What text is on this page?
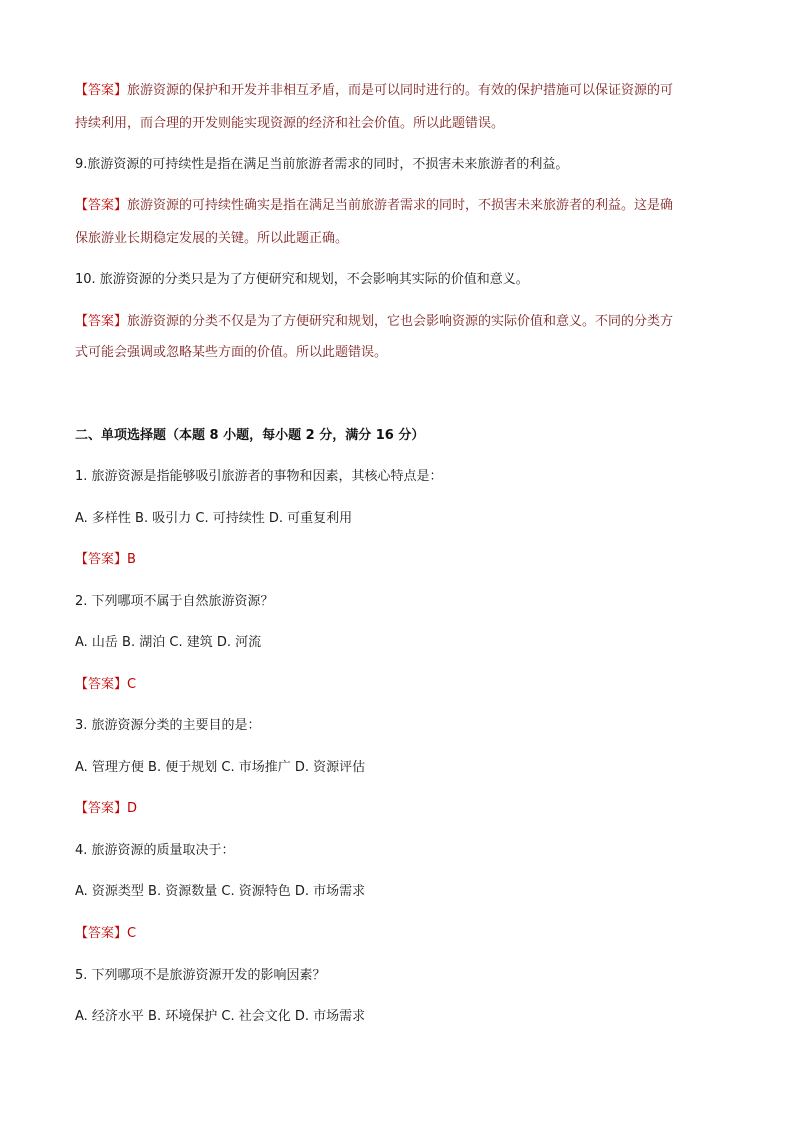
【答案】旅游资源的保护和开发并非相互矛盾，而是可以同时进行的。有效的保护措施可以保证资源的可
持续利用，而合理的开发则能实现资源的经济和社会价值。所以此题错误。
9.旅游资源的可持续性是指在满足当前旅游者需求的同时，不损害未来旅游者的利益。
【答案】旅游资源的可持续性确实是指在满足当前旅游者需求的同时，不损害未来旅游者的利益。这是确
保旅游业长期稳定发展的关键。所以此题正确。
10. 旅游资源的分类只是为了方便研究和规划，不会影响其实际的价值和意义。
【答案】旅游资源的分类不仅是为了方便研究和规划，它也会影响资源的实际价值和意义。不同的分类方
式可能会强调或忽略某些方面的价值。所以此题错误。
二、单项选择题（本题 8 小题，每小题 2 分，满分 16 分）
1. 旅游资源是指能够吸引旅游者的事物和因素，其核心特点是：
A. 多样性 B. 吸引力 C. 可持续性 D. 可重复利用
【答案】B
2. 下列哪项不属于自然旅游资源？
A. 山岳 B. 湖泊 C. 建筑 D. 河流
【答案】C
3. 旅游资源分类的主要目的是：
A. 管理方便 B. 便于规划 C. 市场推广 D. 资源评估
【答案】D
4. 旅游资源的质量取决于：
A. 资源类型 B. 资源数量 C. 资源特色 D. 市场需求
【答案】C
5. 下列哪项不是旅游资源开发的影响因素？
A. 经济水平 B. 环境保护 C. 社会文化 D. 市场需求
